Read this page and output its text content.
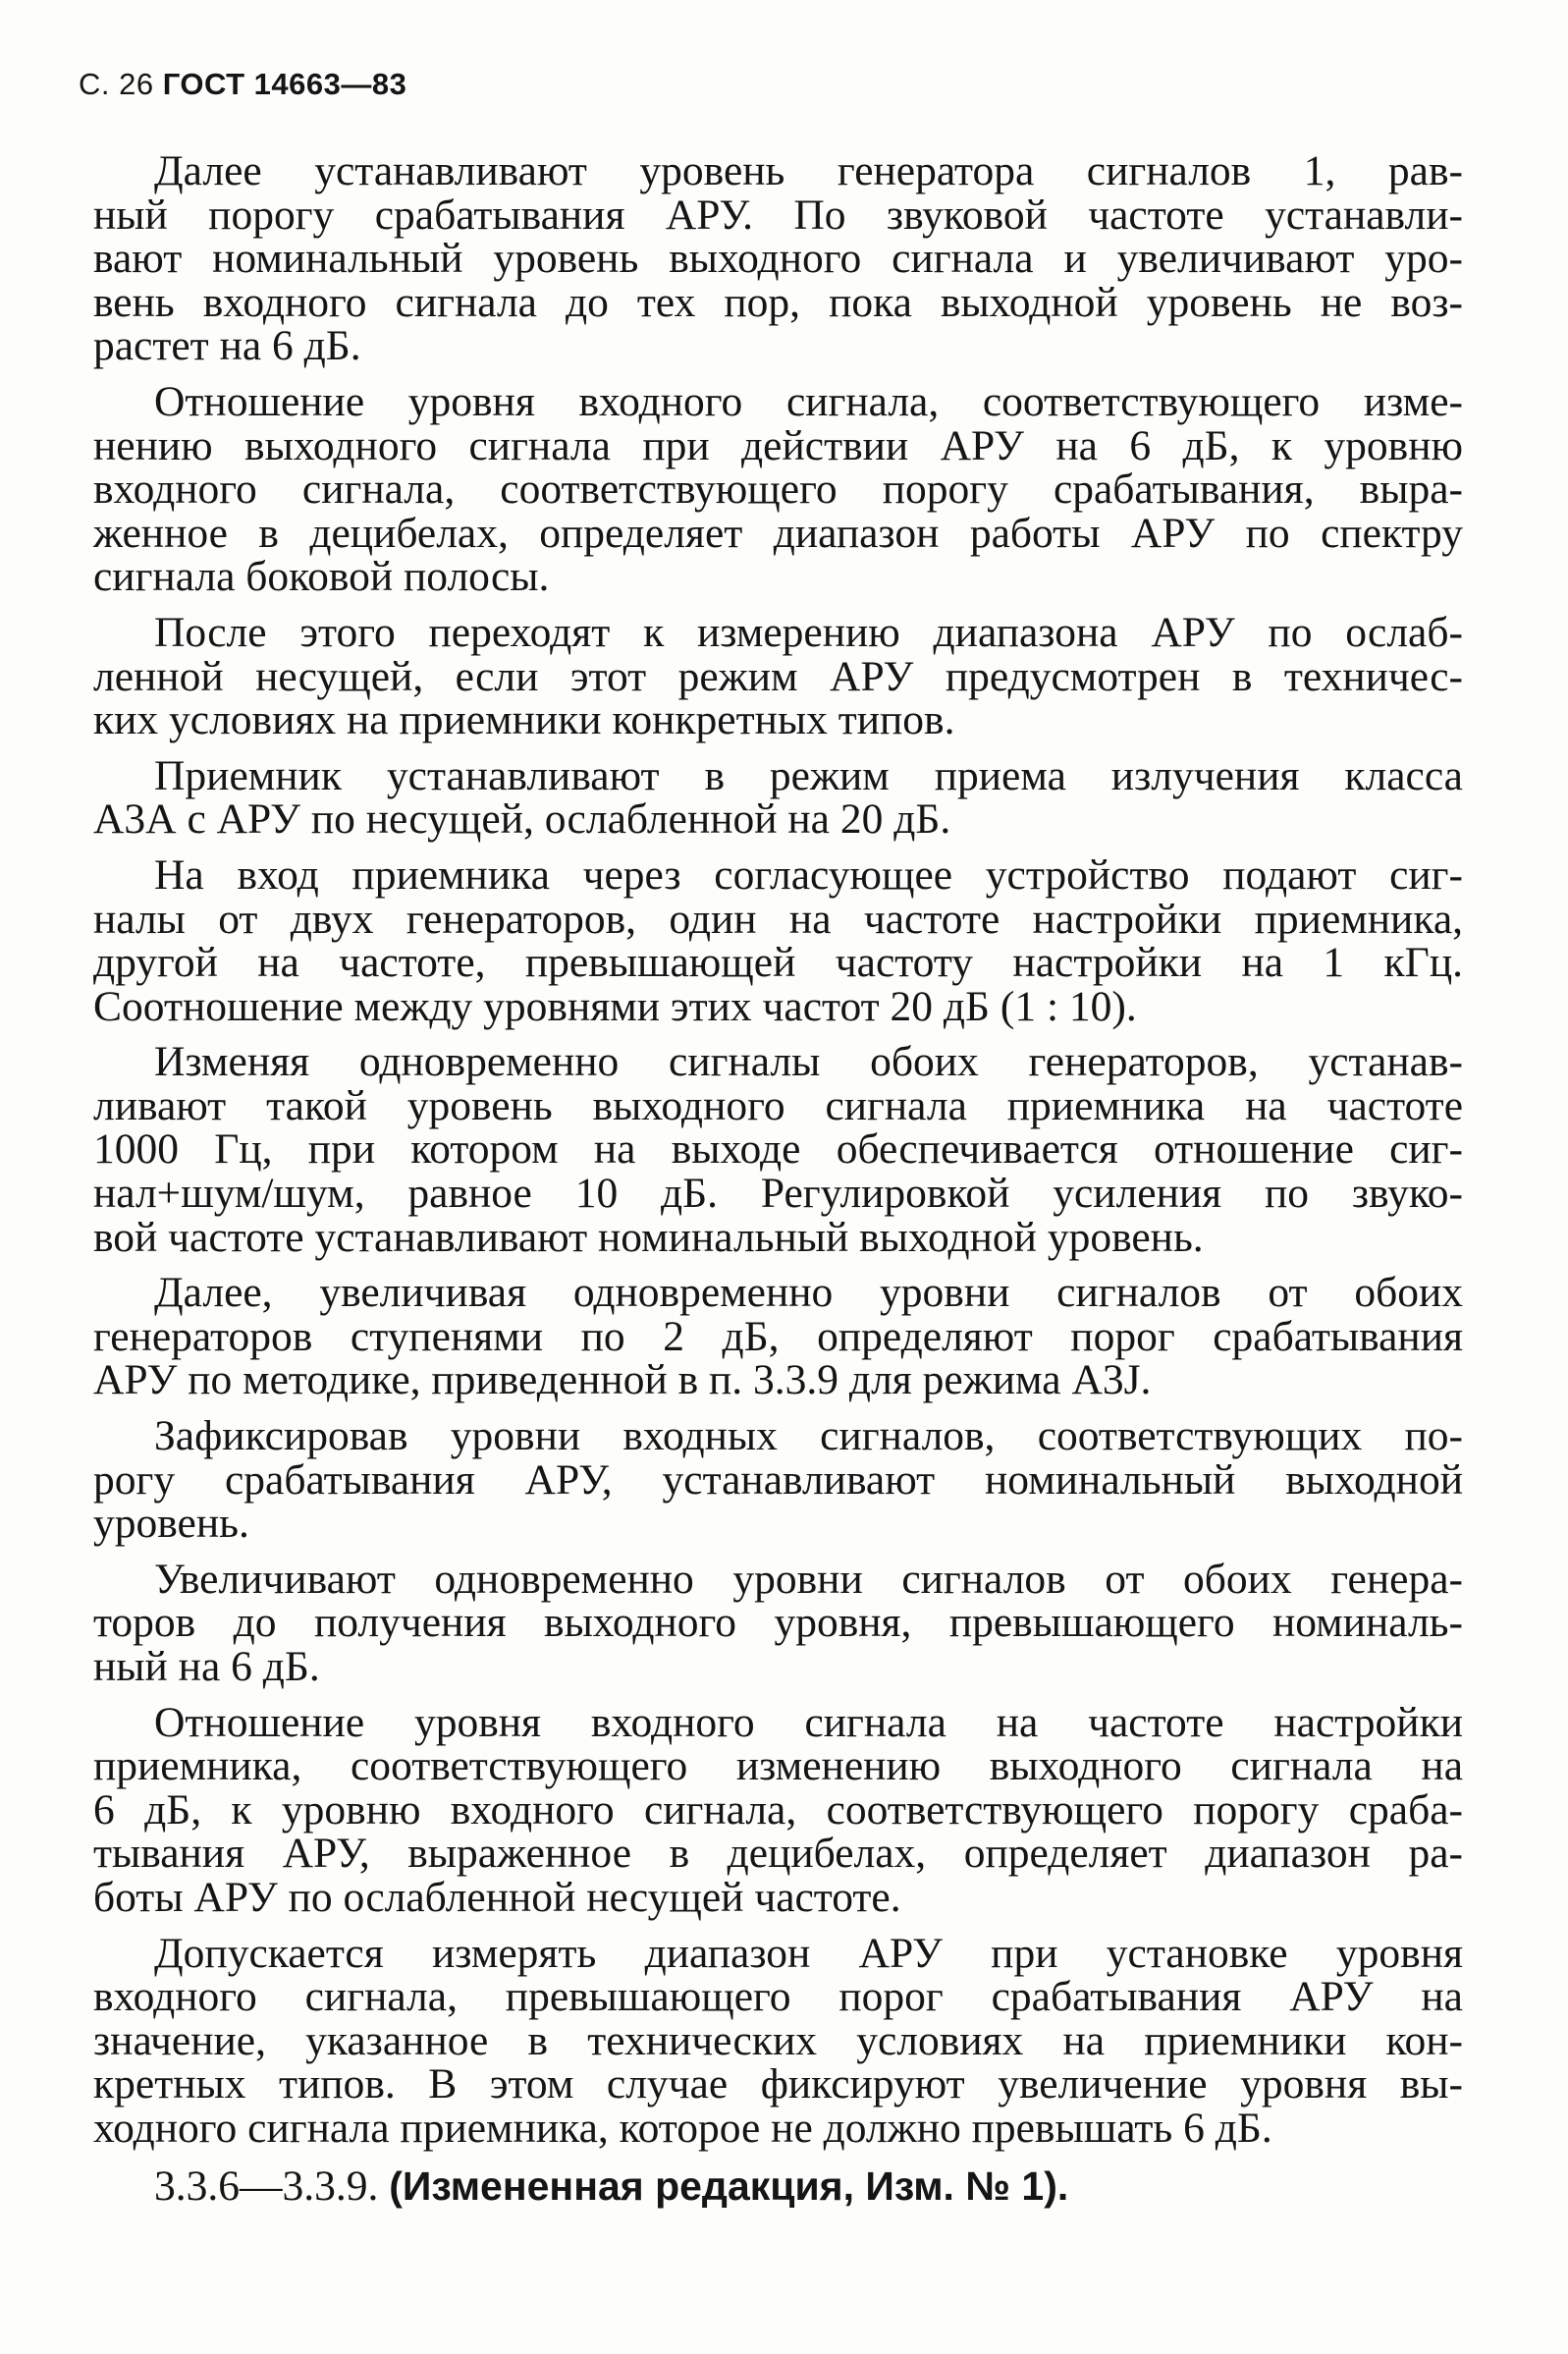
С. 26 ГОСТ 14663—83
Далее устанавливают уровень генератора сигналов 1, рав-
ный порогу срабатывания АРУ. По звуковой частоте устанавли-
вают номинальный уровень выходного сигнала и увеличивают уро-
вень входного сигнала до тех пор, пока выходной уровень не воз-
растет на 6 дБ.
Отношение уровня входного сигнала, соответствующего изме-
нению выходного сигнала при действии АРУ на 6 дБ, к уровню
входного сигнала, соответствующего порогу срабатывания, выра-
женное в децибелах, определяет диапазон работы АРУ по спектру
сигнала боковой полосы.
После этого переходят к измерению диапазона АРУ по ослаб-
ленной несущей, если этот режим АРУ предусмотрен в техничес-
ких условиях на приемники конкретных типов.
Приемник устанавливают в режим приема излучения класса
А3А с АРУ по несущей, ослабленной на 20 дБ.
На вход приемника через согласующее устройство подают сиг-
налы от двух генераторов, один на частоте настройки приемника,
другой на частоте, превышающей частоту настройки на 1 кГц.
Соотношение между уровнями этих частот 20 дБ (1 : 10).
Изменяя одновременно сигналы обоих генераторов, устанав-
ливают такой уровень выходного сигнала приемника на частоте
1000 Гц, при котором на выходе обеспечивается отношение сиг-
нал+шум/шум, равное 10 дБ. Регулировкой усиления по звуко-
вой частоте устанавливают номинальный выходной уровень.
Далее, увеличивая одновременно уровни сигналов от обоих
генераторов ступенями по 2 дБ, определяют порог срабатывания
АРУ по методике, приведенной в п. 3.3.9 для режима А3J.
Зафиксировав уровни входных сигналов, соответствующих по-
рогу срабатывания АРУ, устанавливают номинальный выходной
уровень.
Увеличивают одновременно уровни сигналов от обоих генера-
торов до получения выходного уровня, превышающего номиналь-
ный на 6 дБ.
Отношение уровня входного сигнала на частоте настройки
приемника, соответствующего изменению выходного сигнала на
6 дБ, к уровню входного сигнала, соответствующего порогу сраба-
тывания АРУ, выраженное в децибелах, определяет диапазон ра-
боты АРУ по ослабленной несущей частоте.
Допускается измерять диапазон АРУ при установке уровня
входного сигнала, превышающего порог срабатывания АРУ на
значение, указанное в технических условиях на приемники кон-
кретных типов. В этом случае фиксируют увеличение уровня вы-
ходного сигнала приемника, которое не должно превышать 6 дБ.
3.3.6—3.3.9. (Измененная редакция, Изм. № 1).
